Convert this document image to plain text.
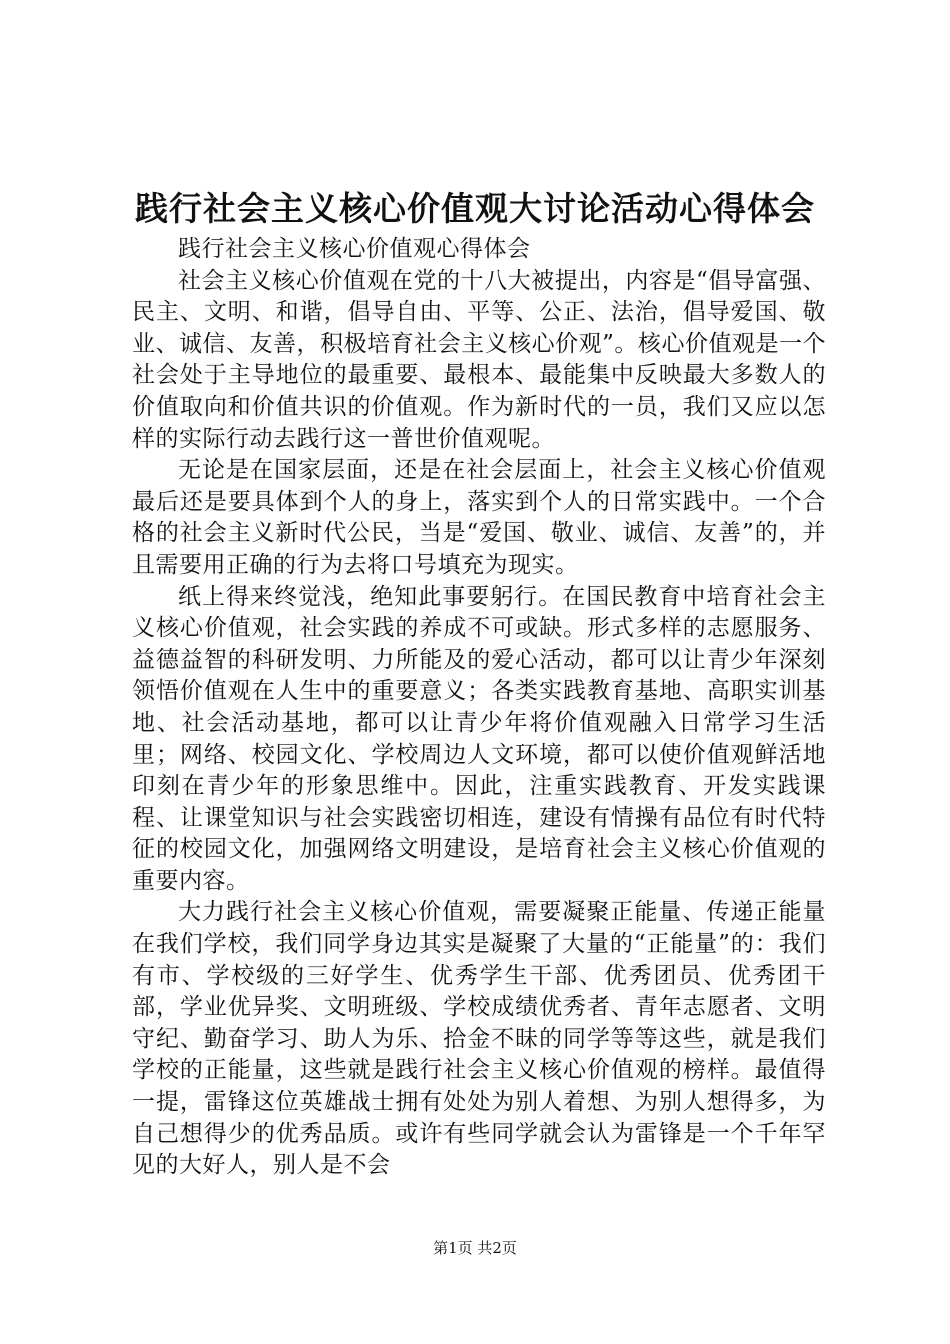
践行社会主义核心价值观大讨论活动心得体会

践行社会主义核心价值观心得体会

社会主义核心价值观在党的十八大被提出，内容是“倡导富强、民主、文明、和谐，倡导自由、平等、公正、法治，倡导爱国、敬业、诚信、友善，积极培育社会主义核心价观”。核心价值观是一个社会处于主导地位的最重要、最根本、最能集中反映最大多数人的价值取向和价值共识的价值观。作为新时代的一员，我们又应以怎样的实际行动去践行这一普世价值观呢。

无论是在国家层面，还是在社会层面上，社会主义核心价值观最后还是要具体到个人的身上，落实到个人的日常实践中。一个合格的社会主义新时代公民，当是“爱国、敬业、诚信、友善”的，并且需要用正确的行为去将口号填充为现实。

纸上得来终觉浅，绝知此事要躬行。在国民教育中培育社会主义核心价值观，社会实践的养成不可或缺。形式多样的志愿服务、益德益智的科研发明、力所能及的爱心活动，都可以让青少年深刻领悟价值观在人生中的重要意义；各类实践教育基地、高职实训基地、社会活动基地，都可以让青少年将价值观融入日常学习生活里；网络、校园文化、学校周边人文环境，都可以使价值观鲜活地印刻在青少年的形象思维中。因此，注重实践教育、开发实践课程、让课堂知识与社会实践密切相连，建设有情操有品位有时代特征的校园文化，加强网络文明建设，是培育社会主义核心价值观的重要内容。

大力践行社会主义核心价值观，需要凝聚正能量、传递正能量在我们学校，我们同学身边其实是凝聚了大量的“正能量”的：我们有市、学校级的三好学生、优秀学生干部、优秀团员、优秀团干部，学业优异奖、文明班级、学校成绩优秀者、青年志愿者、文明守纪、勤奋学习、助人为乐、拾金不昧的同学等等这些，就是我们学校的正能量，这些就是践行社会主义核心价值观的榜样。最值得一提，雷锋这位英雄战士拥有处处为别人着想、为别人想得多，为自己想得少的优秀品质。或许有些同学就会认为雷锋是一个千年罕见的大好人，别人是不会

第1页 共2页
